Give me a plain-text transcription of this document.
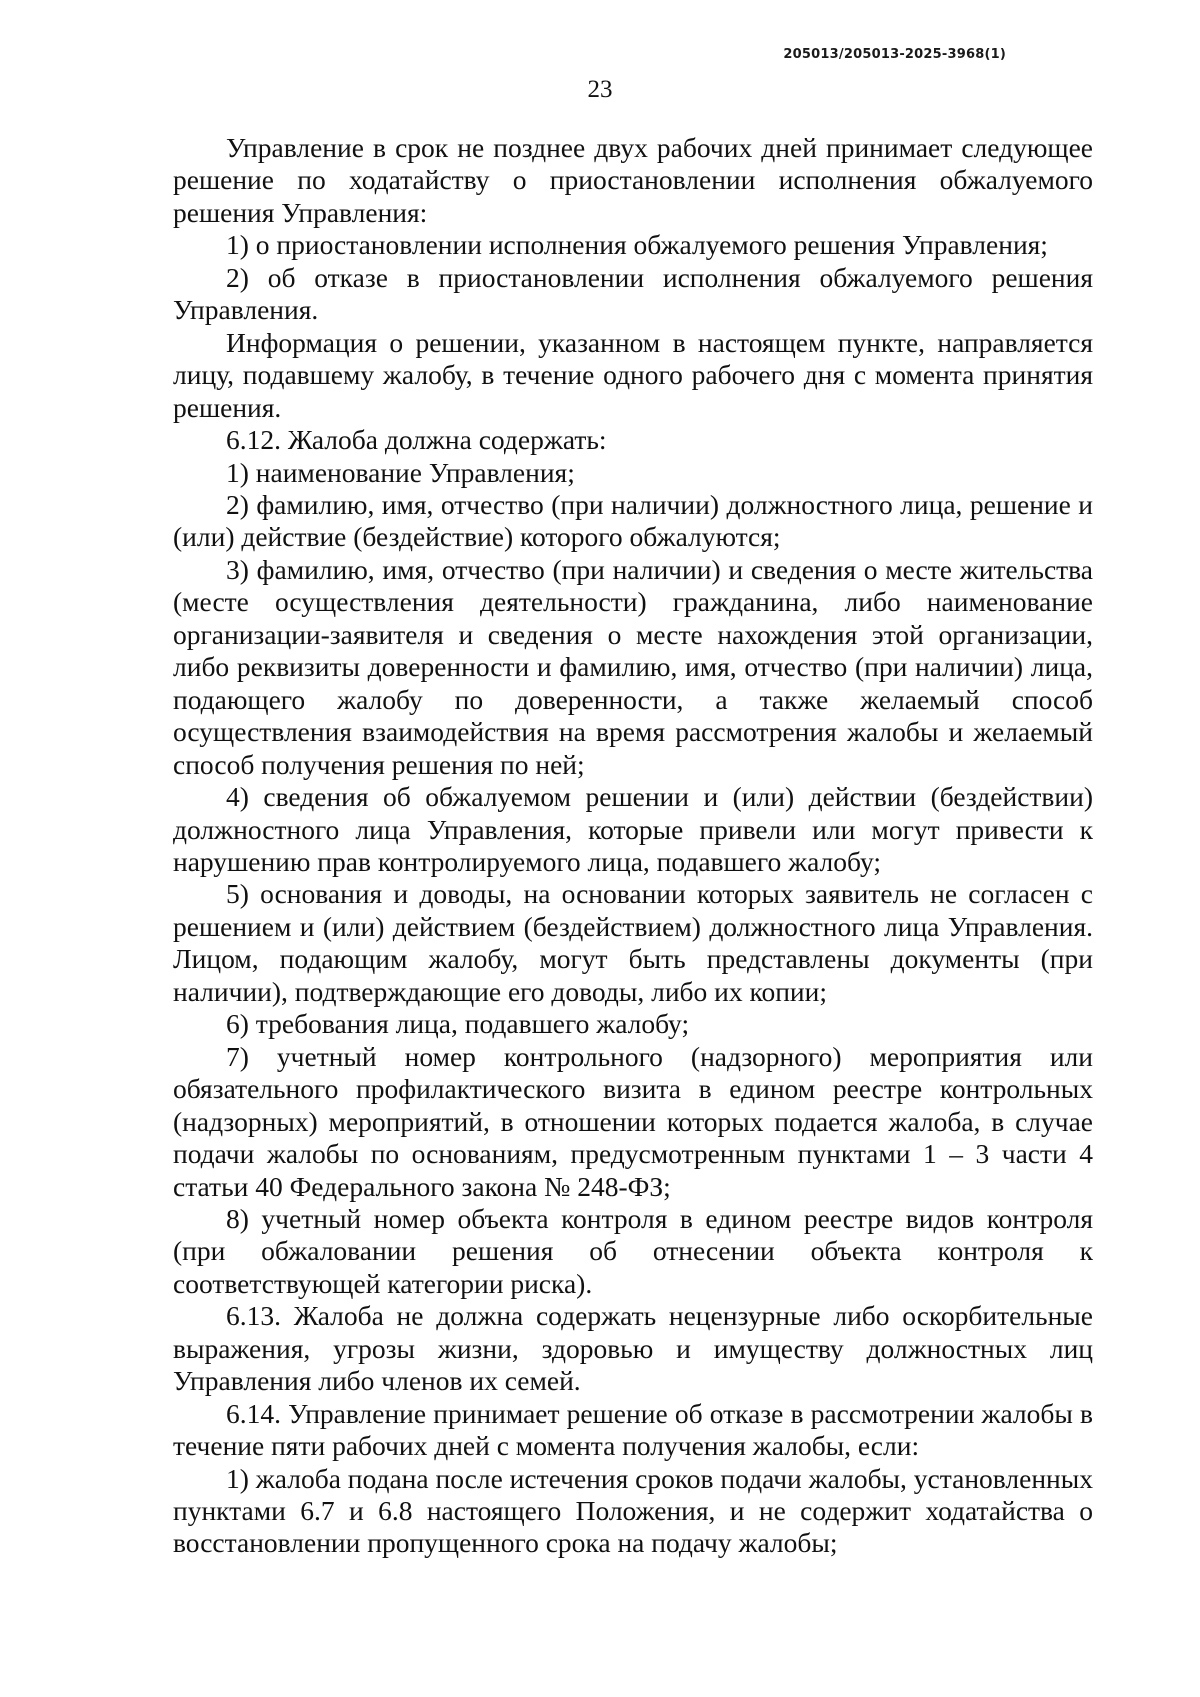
205013/205013-2025-3968(1)
23

Управление в срок не позднее двух рабочих дней принимает следующее решение по ходатайству о приостановлении исполнения обжалуемого решения Управления:

1) о приостановлении исполнения обжалуемого решения Управления;

2) об отказе в приостановлении исполнения обжалуемого решения Управления.

Информация о решении, указанном в настоящем пункте, направляется лицу, подавшему жалобу, в течение одного рабочего дня с момента принятия решения.

6.12. Жалоба должна содержать:

1) наименование Управления;

2) фамилию, имя, отчество (при наличии) должностного лица, решение и (или) действие (бездействие) которого обжалуются;

3) фамилию, имя, отчество (при наличии) и сведения о месте жительства (месте осуществления деятельности) гражданина, либо наименование организации-заявителя и сведения о месте нахождения этой организации, либо реквизиты доверенности и фамилию, имя, отчество (при наличии) лица, подающего жалобу по доверенности, а также желаемый способ осуществления взаимодействия на время рассмотрения жалобы и желаемый способ получения решения по ней;

4) сведения об обжалуемом решении и (или) действии (бездействии) должностного лица Управления, которые привели или могут привести к нарушению прав контролируемого лица, подавшего жалобу;

5) основания и доводы, на основании которых заявитель не согласен с решением и (или) действием (бездействием) должностного лица Управления. Лицом, подающим жалобу, могут быть представлены документы (при наличии), подтверждающие его доводы, либо их копии;

6) требования лица, подавшего жалобу;

7) учетный номер контрольного (надзорного) мероприятия или обязательного профилактического визита в едином реестре контрольных (надзорных) мероприятий, в отношении которых подается жалоба, в случае подачи жалобы по основаниям, предусмотренным пунктами 1 – 3 части 4 статьи 40 Федерального закона № 248-ФЗ;

8) учетный номер объекта контроля в едином реестре видов контроля (при обжаловании решения об отнесении объекта контроля к соответствующей категории риска).

6.13. Жалоба не должна содержать нецензурные либо оскорбительные выражения, угрозы жизни, здоровью и имуществу должностных лиц Управления либо членов их семей.

6.14. Управление принимает решение об отказе в рассмотрении жалобы в течение пяти рабочих дней с момента получения жалобы, если:

1) жалоба подана после истечения сроков подачи жалобы, установленных пунктами 6.7 и 6.8 настоящего Положения, и не содержит ходатайства о восстановлении пропущенного срока на подачу жалобы;
